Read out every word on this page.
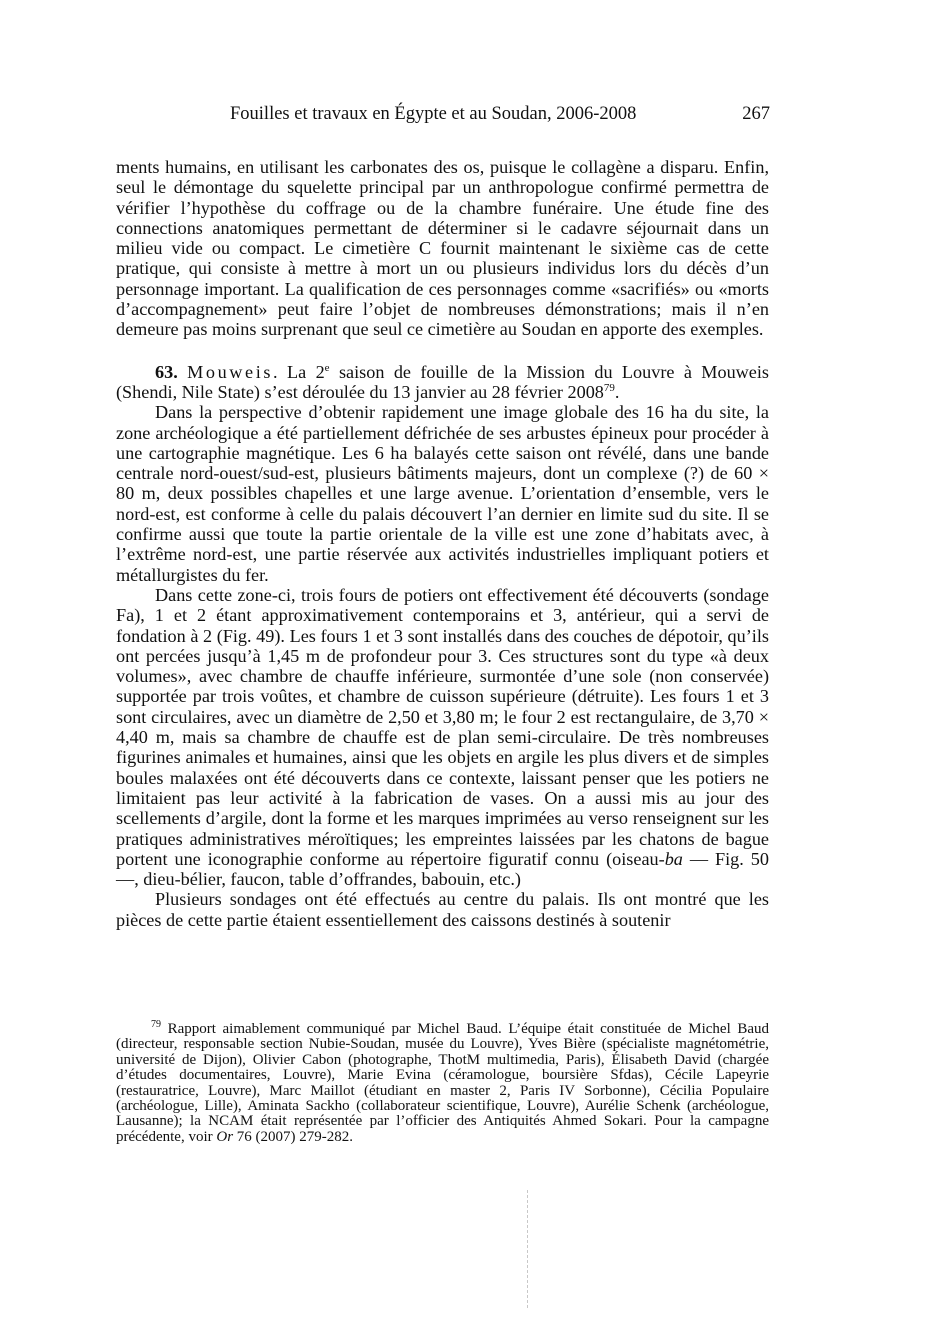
Fouilles et travaux en Égypte et au Soudan, 2006-2008	267

ments humains, en utilisant les carbonates des os, puisque le collagène a disparu. Enfin, seul le démontage du squelette principal par un anthropologue confirmé permettra de vérifier l’hypothèse du coffrage ou de la chambre funéraire. Une étude fine des connections anatomiques permettant de déterminer si le cadavre séjournait dans un milieu vide ou compact. Le cimetière C fournit maintenant le sixième cas de cette pratique, qui consiste à mettre à mort un ou plusieurs individus lors du décès d’un personnage important. La qualification de ces personnages comme «sacrifiés» ou «morts d’accompagnement» peut faire l’objet de nombreuses démonstrations; mais il n’en demeure pas moins surprenant que seul ce cimetière au Soudan en apporte des exemples.

63. Mouweis. La 2e saison de fouille de la Mission du Louvre à Mouweis (Shendi, Nile State) s’est déroulée du 13 janvier au 28 février 2008$^{79}$.

Dans la perspective d’obtenir rapidement une image globale des 16 ha du site, la zone archéologique a été partiellement défrichée de ses arbustes épineux pour procéder à une cartographie magnétique. Les 6 ha balayés cette saison ont révélé, dans une bande centrale nord-ouest/sud-est, plusieurs bâtiments majeurs, dont un complexe (?) de 60 × 80 m, deux possibles chapelles et une large avenue. L’orientation d’ensemble, vers le nord-est, est conforme à celle du palais découvert l’an dernier en limite sud du site. Il se confirme aussi que toute la partie orientale de la ville est une zone d’habitats avec, à l’extrême nord-est, une partie réservée aux activités industrielles impliquant potiers et métallurgistes du fer.

Dans cette zone-ci, trois fours de potiers ont effectivement été découverts (sondage Fa), 1 et 2 étant approximativement contemporains et 3, antérieur, qui a servi de fondation à 2 (Fig. 49). Les fours 1 et 3 sont installés dans des couches de dépotoir, qu’ils ont percées jusqu’à 1,45 m de profondeur pour 3. Ces structures sont du type «à deux volumes», avec chambre de chauffe inférieure, surmontée d’une sole (non conservée) supportée par trois voûtes, et chambre de cuisson supérieure (détruite). Les fours 1 et 3 sont circulaires, avec un diamètre de 2,50 et 3,80 m; le four 2 est rectangulaire, de 3,70 × 4,40 m, mais sa chambre de chauffe est de plan semi-circulaire. De très nombreuses figurines animales et humaines, ainsi que les objets en argile les plus divers et de simples boules malaxées ont été découverts dans ce contexte, laissant penser que les potiers ne limitaient pas leur activité à la fabrication de vases. On a aussi mis au jour des scellements d’argile, dont la forme et les marques imprimées au verso renseignent sur les pratiques administratives méroïtiques; les empreintes laissées par les chatons de bague portent une iconographie conforme au répertoire figuratif connu (oiseau-ba — Fig. 50 —, dieu-bélier, faucon, table d’offrandes, babouin, etc.)

Plusieurs sondages ont été effectués au centre du palais. Ils ont montré que les pièces de cette partie étaient essentiellement des caissons destinés à soutenir

$^{79}$ Rapport aimablement communiqué par Michel Baud. L’équipe était constituée de Michel Baud (directeur, responsable section Nubie-Soudan, musée du Louvre), Yves Bière (spécialiste magnétométrie, université de Dijon), Olivier Cabon (photographe, ThotM multimedia, Paris), Élisabeth David (chargée d’études documentaires, Louvre), Marie Evina (céramologue, boursière Sfdas), Cécile Lapeyrie (restauratrice, Louvre), Marc Maillot (étudiant en master 2, Paris IV Sorbonne), Cécilia Populaire (archéologue, Lille), Aminata Sackho (collaborateur scientifique, Louvre), Aurélie Schenk (archéologue, Lausanne); la NCAM était représentée par l’officier des Antiquités Ahmed Sokari. Pour la campagne précédente, voir Or 76 (2007) 279-282.
